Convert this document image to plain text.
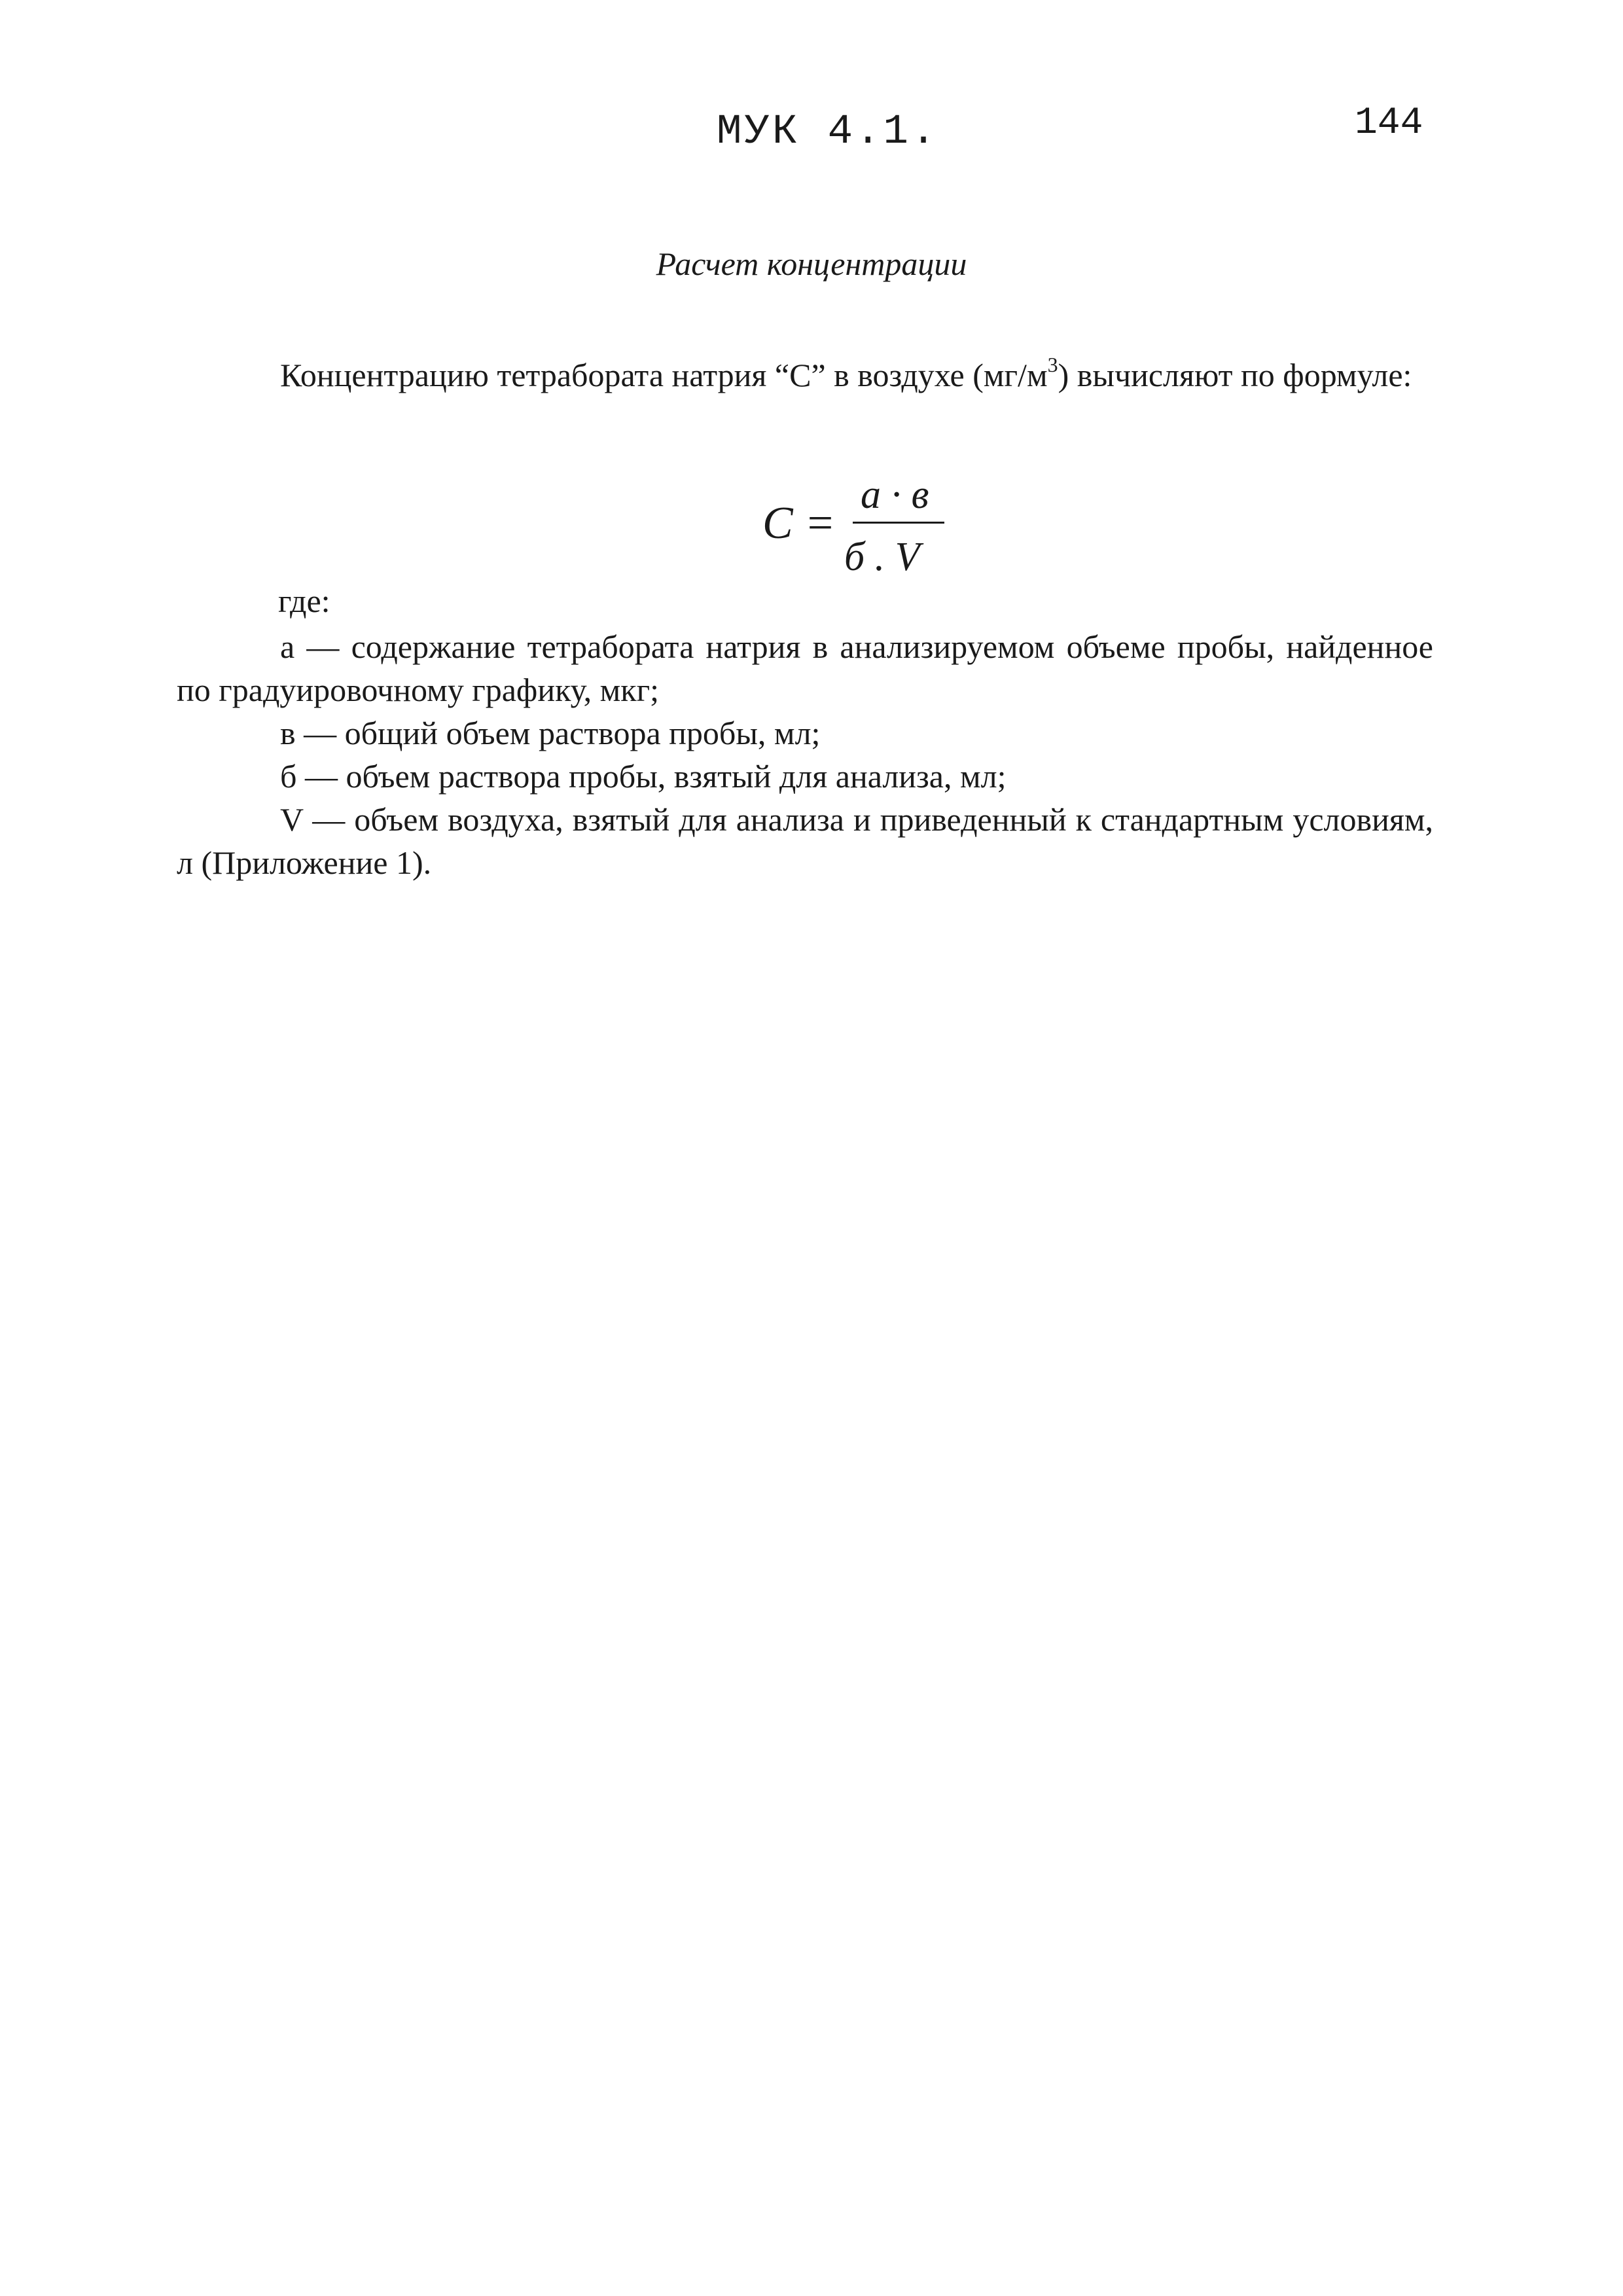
МУК 4.1.	144
Расчет концентрации

Концентрацию тетрабората натрия “С” в воздухе $(мг/м^3)$ вычисляют по формуле:

С =
а · в
б . V
где:

а — содержание тетрабората натрия в анализируемом объеме пробы, найденное по градуировочному графику, мкг;

в — общий объем раствора пробы, мл;

б — объем раствора пробы, взятый для анализа, мл;

V — объем воздуха, взятый для анализа и приведенный к стандартным условиям, л (Приложение 1).
